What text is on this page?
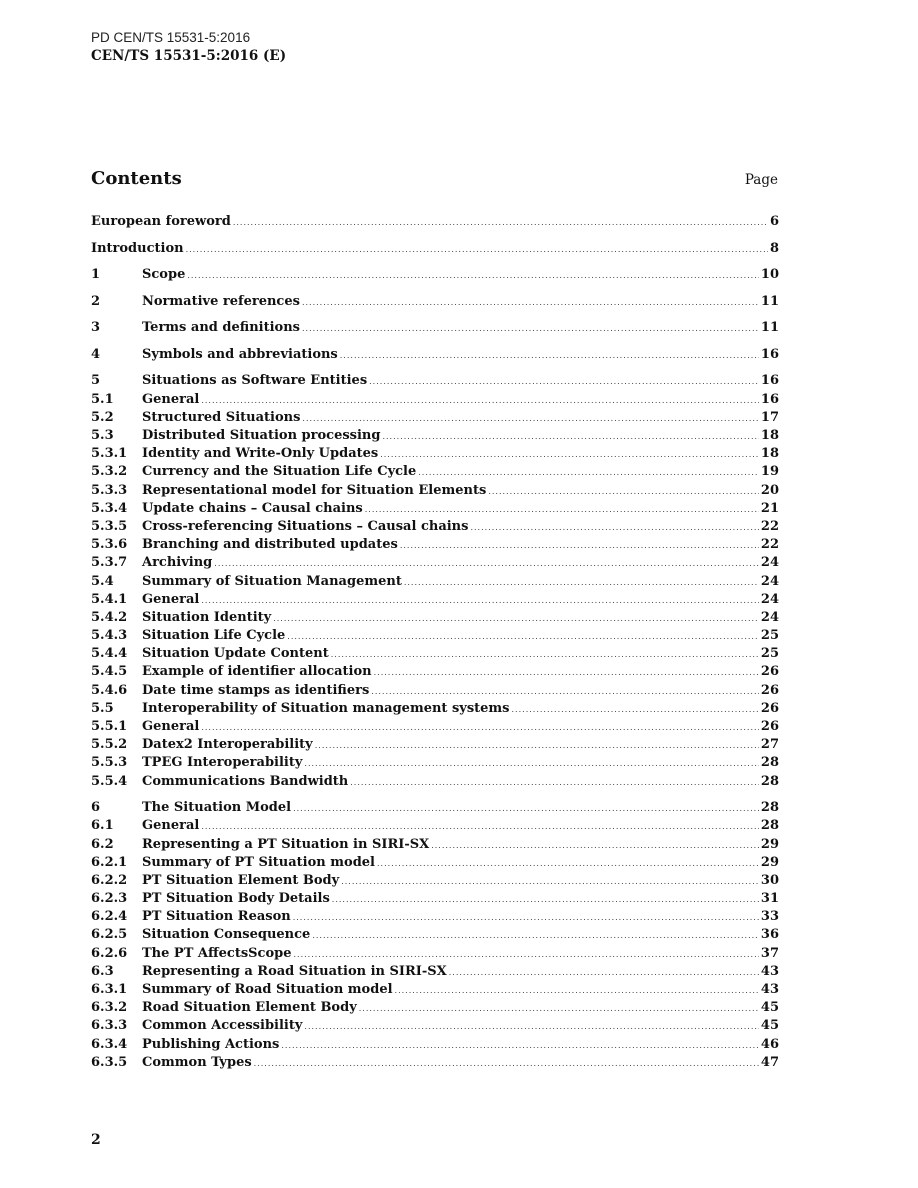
PD CEN/TS 15531-5:2016
CEN/TS 15531-5:2016 (E)
Contents	Page
European foreword .....	6
Introduction .....	8
1	Scope .....	10
2	Normative references .....	11
3	Terms and definitions .....	11
4	Symbols and abbreviations .....	16
5	Situations as Software Entities .....	16
5.1	General .....	16
5.2	Structured Situations .....	17
5.3	Distributed Situation processing .....	18
5.3.1	Identity and Write-Only Updates .....	18
5.3.2	Currency and the Situation Life Cycle .....	19
5.3.3	Representational model for Situation Elements .....	20
5.3.4	Update chains – Causal chains .....	21
5.3.5	Cross-referencing Situations – Causal chains .....	22
5.3.6	Branching and distributed updates .....	22
5.3.7	Archiving .....	24
5.4	Summary of Situation Management .....	24
5.4.1	General .....	24
5.4.2	Situation Identity .....	24
5.4.3	Situation Life Cycle .....	25
5.4.4	Situation Update Content .....	25
5.4.5	Example of identifier allocation .....	26
5.4.6	Date time stamps as identifiers .....	26
5.5	Interoperability of Situation management systems .....	26
5.5.1	General .....	26
5.5.2	Datex2 Interoperability .....	27
5.5.3	TPEG Interoperability .....	28
5.5.4	Communications Bandwidth .....	28
6	The Situation Model .....	28
6.1	General .....	28
6.2	Representing a PT Situation in SIRI-SX .....	29
6.2.1	Summary of PT Situation model .....	29
6.2.2	PT Situation Element Body .....	30
6.2.3	PT Situation Body Details .....	31
6.2.4	PT Situation Reason .....	33
6.2.5	Situation Consequence .....	36
6.2.6	The PT AffectsScope .....	37
6.3	Representing a Road Situation in SIRI-SX .....	43
6.3.1	Summary of Road Situation model .....	43
6.3.2	Road Situation Element Body .....	45
6.3.3	Common Accessibility .....	45
6.3.4	Publishing Actions .....	46
6.3.5	Common Types .....	47
2
